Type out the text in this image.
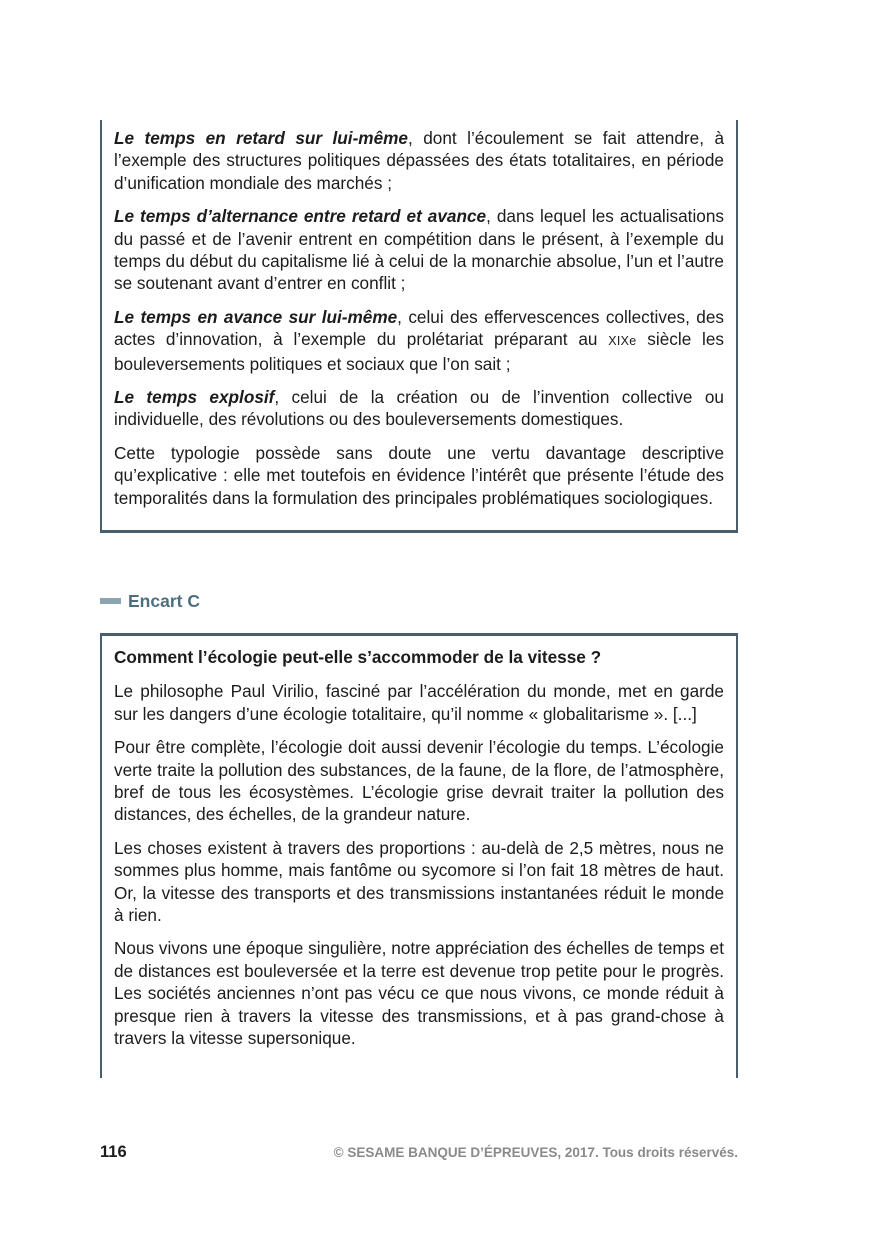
Le temps en retard sur lui-même, dont l’écoulement se fait attendre, à l’exemple des structures politiques dépassées des états totalitaires, en période d’unification mondiale des marchés ;

Le temps d’alternance entre retard et avance, dans lequel les actualisations du passé et de l’avenir entrent en compétition dans le présent, à l’exemple du temps du début du capitalisme lié à celui de la monarchie absolue, l’un et l’autre se soutenant avant d’entrer en conflit ;

Le temps en avance sur lui-même, celui des effervescences collectives, des actes d’innovation, à l’exemple du prolétariat préparant au XIXe siècle les bouleversements politiques et sociaux que l’on sait ;

Le temps explosif, celui de la création ou de l’invention collective ou individuelle, des révolutions ou des bouleversements domestiques.

Cette typologie possède sans doute une vertu davantage descriptive qu’explicative : elle met toutefois en évidence l’intérêt que présente l’étude des temporalités dans la formulation des principales problématiques sociologiques.

Encart C
Comment l’écologie peut-elle s’accommoder de la vitesse ?

Le philosophe Paul Virilio, fasciné par l’accélération du monde, met en garde sur les dangers d’une écologie totalitaire, qu’il nomme « globalitarisme ». [...]

Pour être complète, l’écologie doit aussi devenir l’écologie du temps. L’écologie verte traite la pollution des substances, de la faune, de la flore, de l’atmosphère, bref de tous les écosystèmes. L’écologie grise devrait traiter la pollution des distances, des échelles, de la grandeur nature.

Les choses existent à travers des proportions : au-delà de 2,5 mètres, nous ne sommes plus homme, mais fantôme ou sycomore si l’on fait 18 mètres de haut. Or, la vitesse des transports et des transmissions instantanées réduit le monde à rien.

Nous vivons une époque singulière, notre appréciation des échelles de temps et de distances est bouleversée et la terre est devenue trop petite pour le progrès. Les sociétés anciennes n’ont pas vécu ce que nous vivons, ce monde réduit à presque rien à travers la vitesse des transmissions, et à pas grand-chose à travers la vitesse supersonique.

116	© SESAME BANQUE D’ÉPREUVES, 2017. Tous droits réservés.
